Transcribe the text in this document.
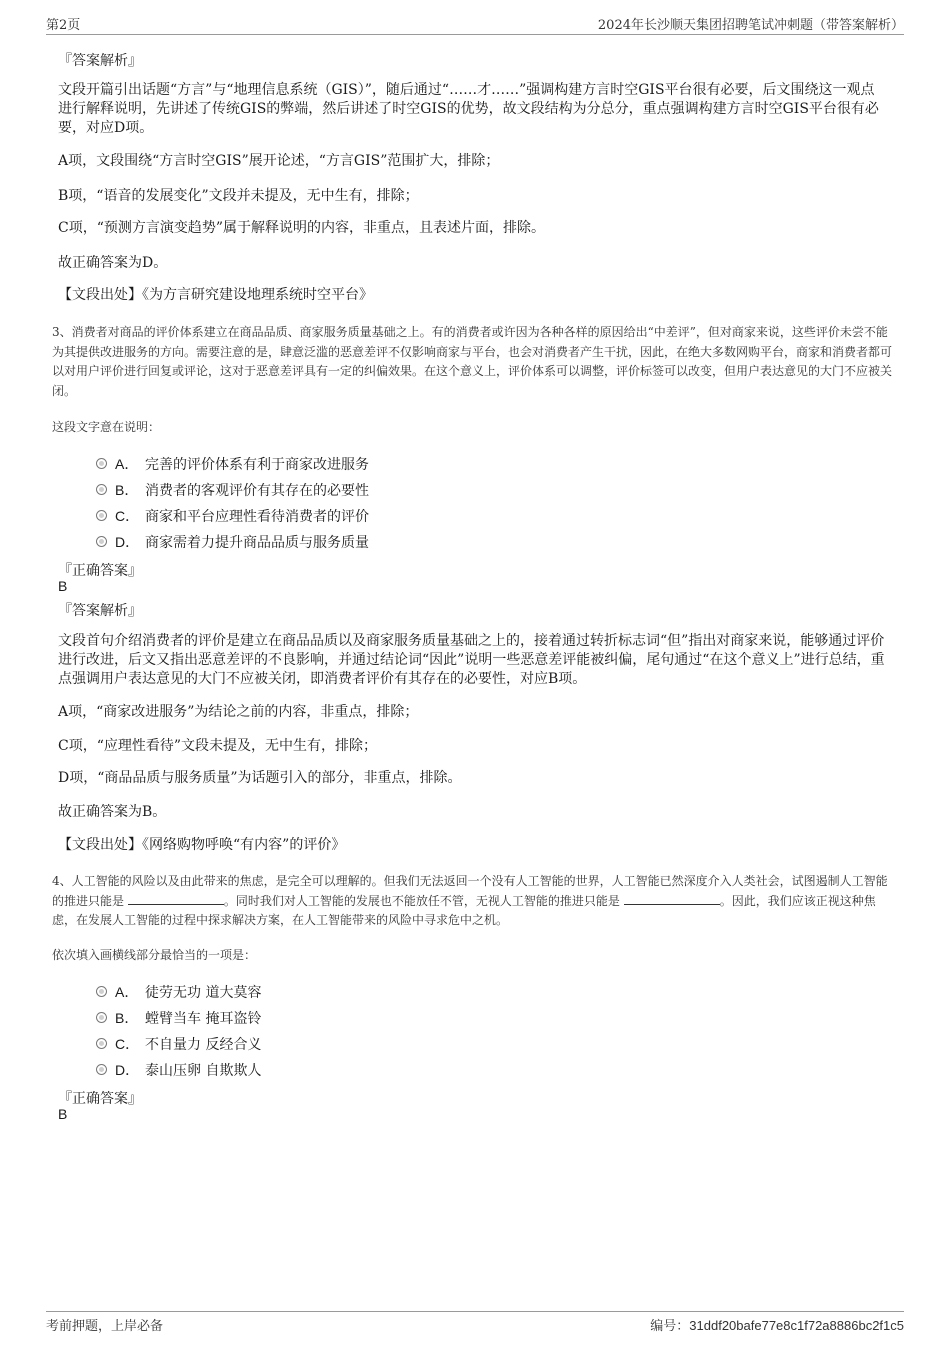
第2页	2024年长沙顺天集团招聘笔试冲刺题（带答案解析）
『答案解析』
文段开篇引出话题“方言”与“地理信息系统（GIS）”，随后通过“……才……”强调构建方言时空GIS平台很有必要，后文围绕这一观点进行解释说明，先讲述了传统GIS的弊端，然后讲述了时空GIS的优势，故文段结构为分总分，重点强调构建方言时空GIS平台很有必要，对应D项。
A项，文段围绕“方言时空GIS”展开论述，“方言GIS”范围扩大，排除；
B项，“语音的发展变化”文段并未提及，无中生有，排除；
C项，“预测方言演变趋势”属于解释说明的内容，非重点，且表述片面，排除。
故正确答案为D。
【文段出处】《为方言研究建设地理系统时空平台》
3、消费者对商品的评价体系建立在商品品质、商家服务质量基础之上。有的消费者或许因为各种各样的原因给出“中差评”，但对商家来说，这些评价未尝不能为其提供改进服务的方向。需要注意的是，肆意泛滥的恶意差评不仅影响商家与平台，也会对消费者产生干扰，因此，在绝大多数网购平台，商家和消费者都可以对用户评价进行回复或评论，这对于恶意差评具有一定的纠偏效果。在这个意义上，评价体系可以调整，评价标签可以改变，但用户表达意见的大门不应被关闭。
这段文字意在说明：
A． 完善的评价体系有利于商家改进服务
B． 消费者的客观评价有其存在的必要性
C． 商家和平台应理性看待消费者的评价
D． 商家需着力提升商品品质与服务质量
『正确答案』
B
『答案解析』
文段首句介绍消费者的评价是建立在商品品质以及商家服务质量基础之上的，接着通过转折标志词“但”指出对商家来说，能够通过评价进行改进，后文又指出恶意差评的不良影响，并通过结论词“因此”说明一些恶意差评能被纠偏，尾句通过“在这个意义上”进行总结，重点强调用户表达意见的大门不应被关闭，即消费者评价有其存在的必要性，对应B项。
A项，“商家改进服务”为结论之前的内容，非重点，排除；
C项，“应理性看待”文段未提及，无中生有，排除；
D项，“商品品质与服务质量”为话题引入的部分，非重点，排除。
故正确答案为B。
【文段出处】《网络购物呼唤“有内容”的评价》
4、人工智能的风险以及由此带来的焦虑，是完全可以理解的。但我们无法返回一个没有人工智能的世界，人工智能已然深度介入人类社会，试图遏制人工智能的推进只能是	。同时我们对人工智能的发展也不能放任不管，无视人工智能的推进只能是	。因此，我们应该正视这种焦虑，在发展人工智能的过程中探求解决方案，在人工智能带来的风险中寻求危中之机。
依次填入画横线部分最恰当的一项是：
A． 徒劳无功 道大莫容
B． 螳臂当车 掩耳盗铃
C． 不自量力 反经合义
D． 泰山压卵 自欺欺人
『正确答案』
B
考前押题，上岸必备	编号：31ddf20bafe77e8c1f72a8886bc2f1c5
